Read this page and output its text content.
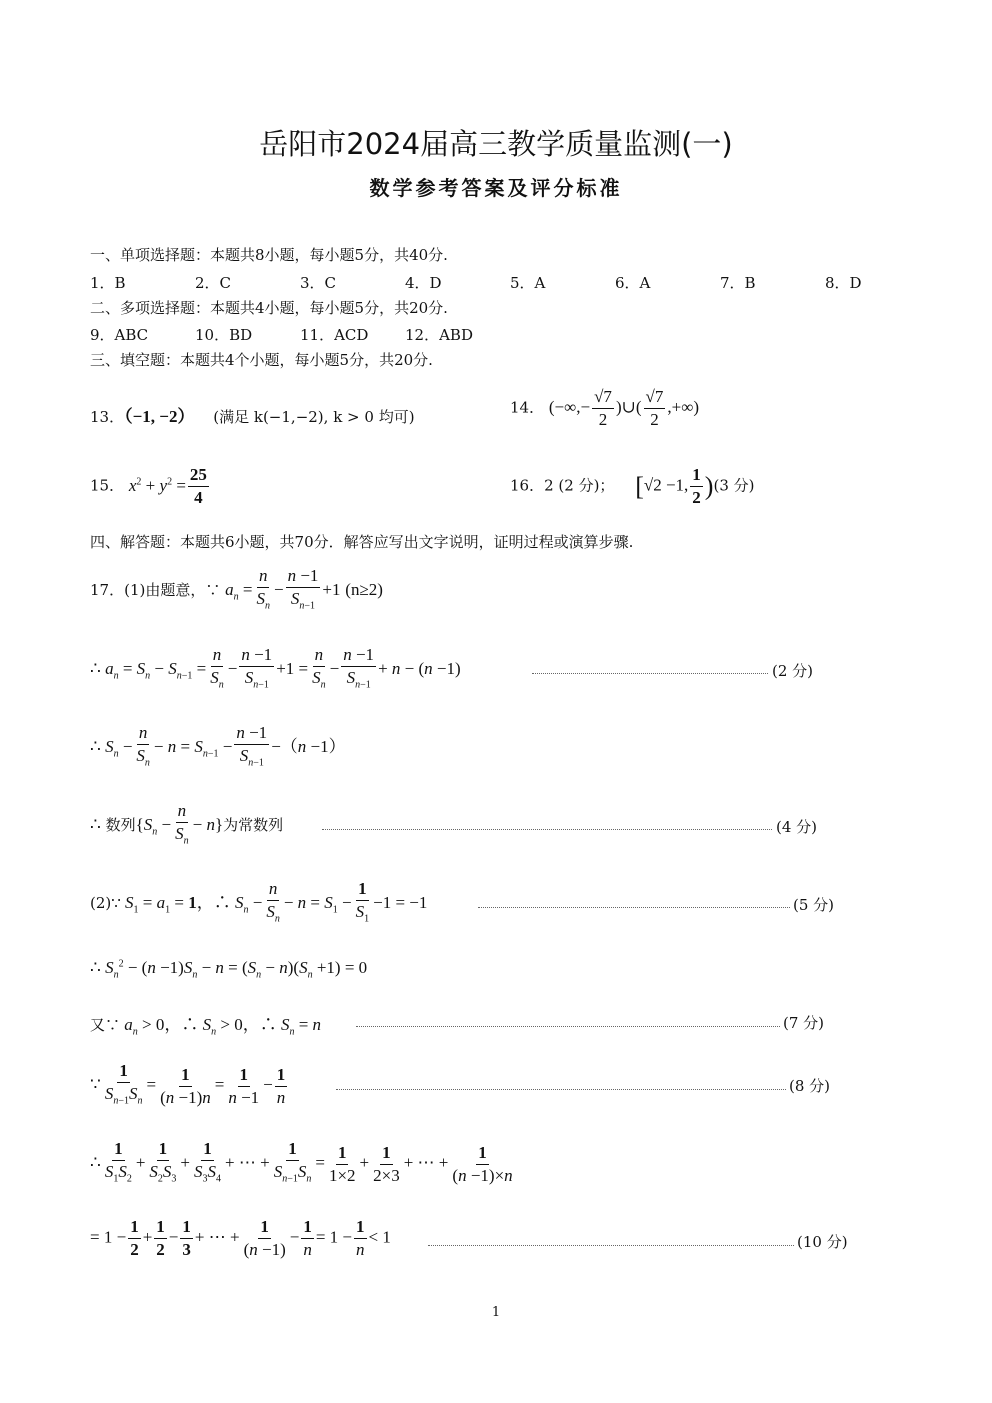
岳阳市2024届高三教学质量监测(一)
数学参考答案及评分标准
一、单项选择题：本题共8小题，每小题5分，共40分.
1．B	2．C	3．C	4．D	5．A	6．A	7．B	8．D
二、多项选择题：本题共4小题，每小题5分，共20分.
9．ABC	10．BD	11．ACD 12．ABD
三、填空题：本题共4个小题，每小题5分，共20分.
13．（−1, −2） (满足 k(−1,−2), k > 0 均可)
14． (−∞,− $\frac{√7}{2}$ )∪( $\frac{√7}{2}$ ,+∞)
15． $x^2 + y^2 = \frac{25}{4}$	16．2 (2 分)； [√2 −1, $\frac{1}{2} )(3$ 分)
四、解答题：本题共6小题，共70分．解答应写出文字说明，证明过程或演算步骤.
17．(1)由题意，∵ $a_n = \frac{n}{S_n} - \frac{n -1}{S_{n-1}} +1$ (n≥2)
∴ $a_n = S_n - S_{n-1} = \frac{n}{S_n} - \frac{n -1}{S_{n-1}} +1 = \frac{n}{S_n} - \frac{n -1}{S_{n-1}} + n - (n -1)$	(2 分)
∴ $S_n - \frac{n}{S_n} - n = S_{n-1} - \frac{n -1}{S_{n-1}} -(n -1)$
∴ 数列$\{S_n - \frac{n}{S_n} - n\}$为常数列	(4 分)
(2)∵ $S_1 = a_1 = 1$，∴ $S_n - \frac{n}{S_n} - n = S_1 - \frac{1}{S_1} -1 = -1$	(5 分)
∴ $S_n^2 - (n -1)S_n - n = (S_n - n)(S_n +1) = 0$
又∵ $a_n > 0$，∴ $S_n > 0$，∴ $S_n = n$	(7 分)
∵ $\frac{1}{S_{n-1}S_n} = \frac{1}{(n -1)n} = \frac{1}{n -1} - \frac{1}{n}$	(8 分)
∴ $\frac{1}{S_1S_2} + \frac{1}{S_2S_3} + \frac{1}{S_3S_4}$ + ⋯ + $\frac{1}{S_{n-1}S_n} = \frac{1}{1\times 2} + \frac{1}{2\times 3}$ + ⋯ + $\frac{1}{(n -1)\times n}$
= $1 - \frac{1}{2} + \frac{1}{2} - \frac{1}{3}$ + ⋯ + $\frac{1}{(n -1)} - \frac{1}{n} = 1 - \frac{1}{n} < 1$	(10 分)
1
